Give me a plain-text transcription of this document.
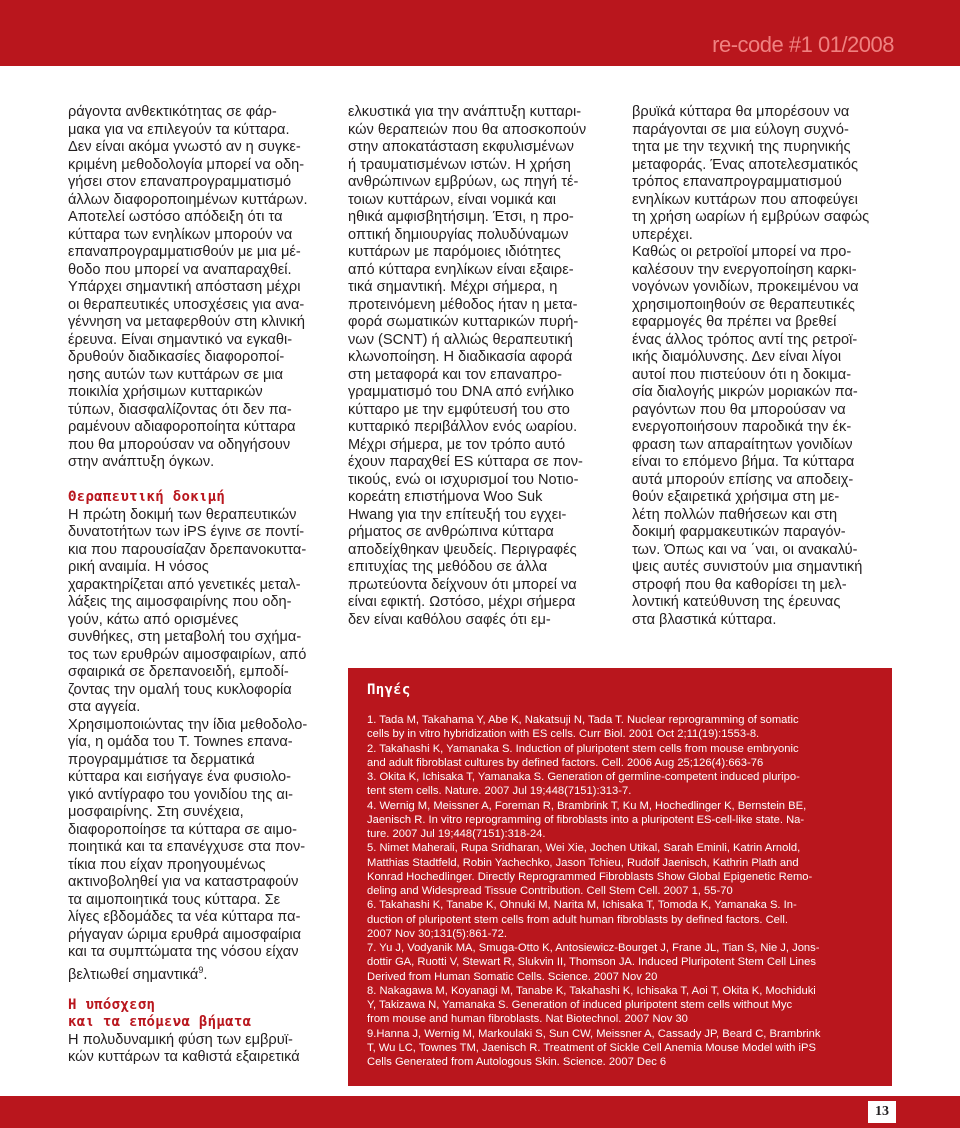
re-code #1 01/2008
ράγοντα ανθεκτικότητας σε φάρ-
μακα για να επιλεγούν τα κύτταρα.
Δεν είναι ακόμα γνωστό αν η συγκε-
κριμένη μεθοδολογία μπορεί να οδη-
γήσει στον επαναπρογραμματισμό
άλλων διαφοροποιημένων κυττάρων.
Αποτελεί ωστόσο απόδειξη ότι τα
κύτταρα των ενηλίκων μπορούν να
επαναπρογραμματισθούν με μια μέ-
θοδο που μπορεί να αναπαραχθεί.
Υπάρχει σημαντική απόσταση μέχρι
οι θεραπευτικές υποσχέσεις για ανα-
γέννηση να μεταφερθούν στη κλινική
έρευνα. Είναι σημαντικό να εγκαθι-
δρυθούν διαδικασίες διαφοροποί-
ησης αυτών των κυττάρων σε μια
ποικιλία χρήσιμων κυτταρικών
τύπων, διασφαλίζοντας ότι δεν πα-
ραμένουν αδιαφοροποίητα κύτταρα
που θα μπορούσαν να οδηγήσουν
στην ανάπτυξη όγκων.
Θεραπευτική δοκιμή
Η πρώτη δοκιμή των θεραπευτικών
δυνατοτήτων των iPS έγινε σε ποντί-
κια που παρουσίαζαν δρεπανοκυττα-
ρική αναιμία. Η νόσος
χαρακτηρίζεται από γενετικές μεταλ-
λάξεις της αιμοσφαιρίνης που οδη-
γούν, κάτω από ορισμένες
συνθήκες, στη μεταβολή του σχήμα-
τος των ερυθρών αιμοσφαιρίων, από
σφαιρικά σε δρεπανοειδή, εμποδί-
ζοντας την ομαλή τους κυκλοφορία
στα αγγεία.
Χρησιμοποιώντας την ίδια μεθοδολο-
γία, η ομάδα του T. Townes επανα-
προγραμμάτισε τα δερματικά
κύτταρα και εισήγαγε ένα φυσιολο-
γικό αντίγραφο του γονιδίου της αι-
μοσφαιρίνης. Στη συνέχεια,
διαφοροποίησε τα κύτταρα σε αιμο-
ποιητικά και τα επανέγχυσε στα πον-
τίκια που είχαν προηγουμένως
ακτινοβοληθεί για να καταστραφούν
τα αιμοποιητικά τους κύτταρα. Σε
λίγες εβδομάδες τα νέα κύτταρα πα-
ρήγαγαν ώριμα ερυθρά αιμοσφαίρια
και τα συμπτώματα της νόσου είχαν
βελτιωθεί σημαντικά$^9$.
Η υπόσχεση
και τα επόμενα βήματα
Η πολυδυναμική φύση των εμβρυϊ-
κών κυττάρων τα καθιστά εξαιρετικά
ελκυστικά για την ανάπτυξη κυτταρι-
κών θεραπειών που θα αποσκοπούν
στην αποκατάσταση εκφυλισμένων
ή τραυματισμένων ιστών. Η χρήση
ανθρώπινων εμβρύων, ως πηγή τέ-
τοιων κυττάρων, είναι νομικά και
ηθικά αμφισβητήσιμη. Έτσι, η προ-
οπτική δημιουργίας πολυδύναμων
κυττάρων με παρόμοιες ιδιότητες
από κύτταρα ενηλίκων είναι εξαιρε-
τικά σημαντική. Μέχρι σήμερα, η
προτεινόμενη μέθοδος ήταν η μετα-
φορά σωματικών κυτταρικών πυρή-
νων (SCNT) ή αλλιώς θεραπευτική
κλωνοποίηση. Η διαδικασία αφορά
στη μεταφορά και τον επαναπρο-
γραμματισμό του DNA από ενήλικο
κύτταρο με την εμφύτευσή του στο
κυτταρικό περιβάλλον ενός ωαρίου.
Μέχρι σήμερα, με τον τρόπο αυτό
έχουν παραχθεί ES κύτταρα σε πον-
τικούς, ενώ οι ισχυρισμοί του Νοτιο-
κορεάτη επιστήμονα Woo Suk
Hwang για την επίτευξή του εγχει-
ρήματος σε ανθρώπινα κύτταρα
αποδείχθηκαν ψευδείς. Περιγραφές
επιτυχίας της μεθόδου σε άλλα
πρωτεύοντα δείχνουν ότι μπορεί να
είναι εφικτή. Ωστόσο, μέχρι σήμερα
δεν είναι καθόλου σαφές ότι εμ-
βρυϊκά κύτταρα θα μπορέσουν να
παράγονται σε μια εύλογη συχνό-
τητα με την τεχνική της πυρηνικής
μεταφοράς. Ένας αποτελεσματικός
τρόπος επαναπρογραμματισμού
ενηλίκων κυττάρων που αποφεύγει
τη χρήση ωαρίων ή εμβρύων σαφώς
υπερέχει.
Καθώς οι ρετροϊοί μπορεί να προ-
καλέσουν την ενεργοποίηση καρκι-
νογόνων γονιδίων, προκειμένου να
χρησιμοποιηθούν σε θεραπευτικές
εφαρμογές θα πρέπει να βρεθεί
ένας άλλος τρόπος αντί της ρετροϊ-
ικής διαμόλυνσης. Δεν είναι λίγοι
αυτοί που πιστεύουν ότι η δοκιμα-
σία διαλογής μικρών μοριακών πα-
ραγόντων που θα μπορούσαν να
ενεργοποιήσουν παροδικά την έκ-
φραση των απαραίτητων γονιδίων
είναι το επόμενο βήμα. Τα κύτταρα
αυτά μπορούν επίσης να αποδειχ-
θούν εξαιρετικά χρήσιμα στη με-
λέτη πολλών παθήσεων και στη
δοκιμή φαρμακευτικών παραγόν-
των. Όπως και να ΄ναι, οι ανακαλύ-
ψεις αυτές συνιστούν μια σημαντική
στροφή που θα καθορίσει τη μελ-
λοντική κατεύθυνση της έρευνας
στα βλαστικά κύτταρα.
Πηγές
1. Tada M, Takahama Y, Abe K, Nakatsuji N, Tada T. Nuclear reprogramming of somatic
cells by in vitro hybridization with ES cells. Curr Biol. 2001 Oct 2;11(19):1553-8.
2. Takahashi K, Yamanaka S. Induction of pluripotent stem cells from mouse embryonic
and adult fibroblast cultures by defined factors. Cell. 2006 Aug 25;126(4):663-76
3. Okita K, Ichisaka T, Yamanaka S. Generation of germline-competent induced pluripo-
tent stem cells. Nature. 2007 Jul 19;448(7151):313-7.
4. Wernig M, Meissner A, Foreman R, Brambrink T, Ku M, Hochedlinger K, Bernstein BE,
Jaenisch R. In vitro reprogramming of fibroblasts into a pluripotent ES-cell-like state. Na-
ture. 2007 Jul 19;448(7151):318-24.
5. Nimet Maherali, Rupa Sridharan, Wei Xie, Jochen Utikal, Sarah Eminli, Katrin Arnold,
Matthias Stadtfeld, Robin Yachechko, Jason Tchieu, Rudolf Jaenisch, Kathrin Plath and
Konrad Hochedlinger. Directly Reprogrammed Fibroblasts Show Global Epigenetic Remo-
deling and Widespread Tissue Contribution. Cell Stem Cell. 2007 1, 55-70
6. Takahashi K, Tanabe K, Ohnuki M, Narita M, Ichisaka T, Tomoda K, Yamanaka S. In-
duction of pluripotent stem cells from adult human fibroblasts by defined factors. Cell.
2007 Nov 30;131(5):861-72.
7. Yu J, Vodyanik MA, Smuga-Otto K, Antosiewicz-Bourget J, Frane JL, Tian S, Nie J, Jons-
dottir GA, Ruotti V, Stewart R, Slukvin II, Thomson JA. Induced Pluripotent Stem Cell Lines
Derived from Human Somatic Cells. Science. 2007 Nov 20
8. Nakagawa M, Koyanagi M, Tanabe K, Takahashi K, Ichisaka T, Aoi T, Okita K, Mochiduki
Y, Takizawa N, Yamanaka S. Generation of induced pluripotent stem cells without Myc
from mouse and human fibroblasts. Nat Biotechnol. 2007 Nov 30
9.Hanna J, Wernig M, Markoulaki S, Sun CW, Meissner A, Cassady JP, Beard C, Brambrink
T, Wu LC, Townes TM, Jaenisch R. Treatment of Sickle Cell Anemia Mouse Model with iPS
Cells Generated from Autologous Skin. Science. 2007 Dec 6
13
